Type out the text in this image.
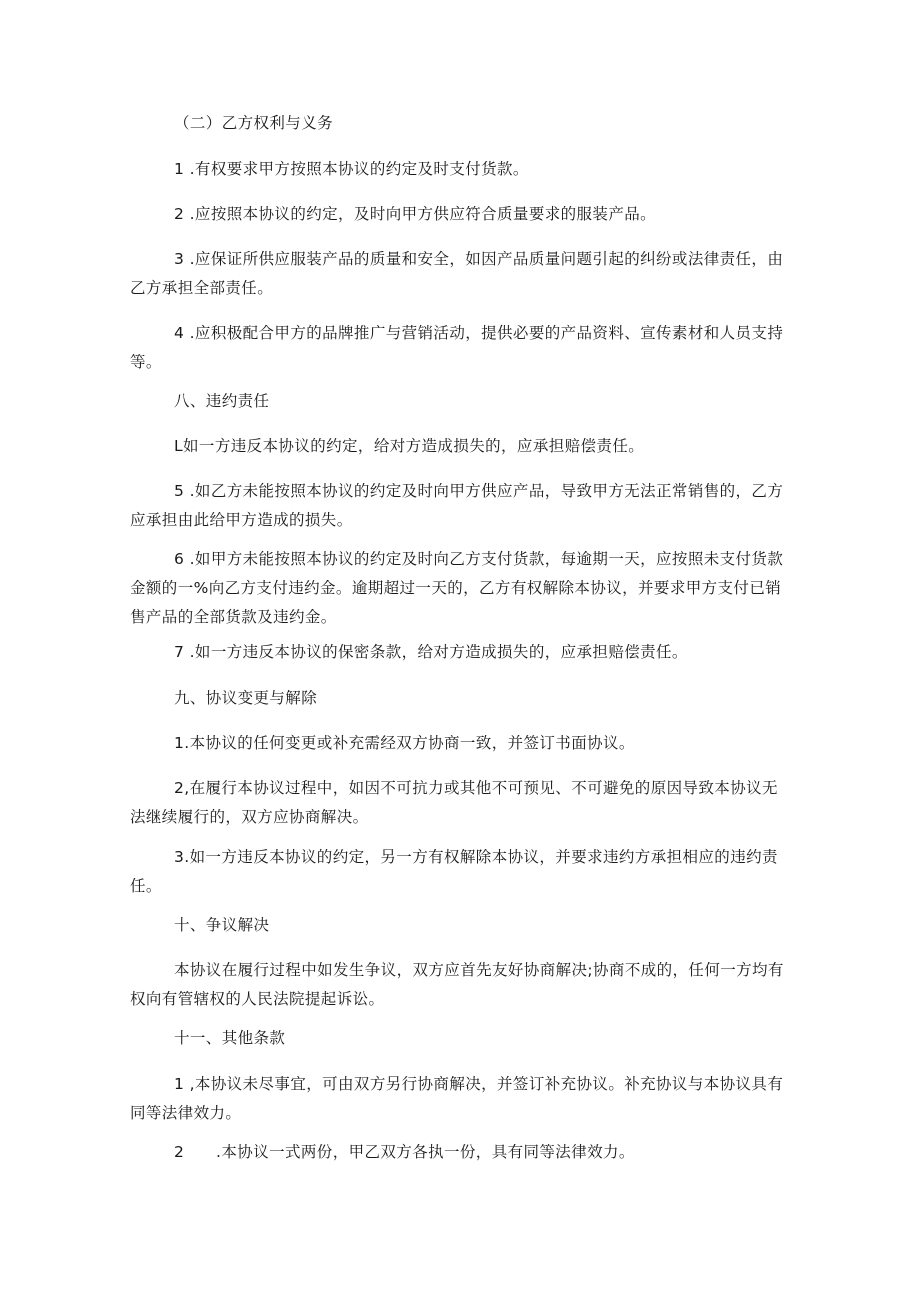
（二）乙方权利与义务

1 .有权要求甲方按照本协议的约定及时支付货款。

2 .应按照本协议的约定，及时向甲方供应符合质量要求的服装产品。

3 .应保证所供应服装产品的质量和安全，如因产品质量问题引起的纠纷或法律责任，由乙方承担全部责任。

4 .应积极配合甲方的品牌推广与营销活动，提供必要的产品资料、宣传素材和人员支持等。

八、违约责任

L如一方违反本协议的约定，给对方造成损失的，应承担赔偿责任。

5 .如乙方未能按照本协议的约定及时向甲方供应产品，导致甲方无法正常销售的，乙方应承担由此给甲方造成的损失。

6 .如甲方未能按照本协议的约定及时向乙方支付货款，每逾期一天，应按照未支付货款金额的一%向乙方支付违约金。逾期超过一天的，乙方有权解除本协议，并要求甲方支付已销售产品的全部货款及违约金。

7 .如一方违反本协议的保密条款，给对方造成损失的，应承担赔偿责任。

九、协议变更与解除

1.本协议的任何变更或补充需经双方协商一致，并签订书面协议。

2,在履行本协议过程中，如因不可抗力或其他不可预见、不可避免的原因导致本协议无法继续履行的，双方应协商解决。

3.如一方违反本协议的约定，另一方有权解除本协议，并要求违约方承担相应的违约责任。

十、争议解决

本协议在履行过程中如发生争议，双方应首先友好协商解决;协商不成的，任何一方均有权向有管辖权的人民法院提起诉讼。

十一、其他条款

1 ,本协议未尽事宜，可由双方另行协商解决，并签订补充协议。补充协议与本协议具有同等法律效力。

2　　.本协议一式两份，甲乙双方各执一份，具有同等法律效力。
